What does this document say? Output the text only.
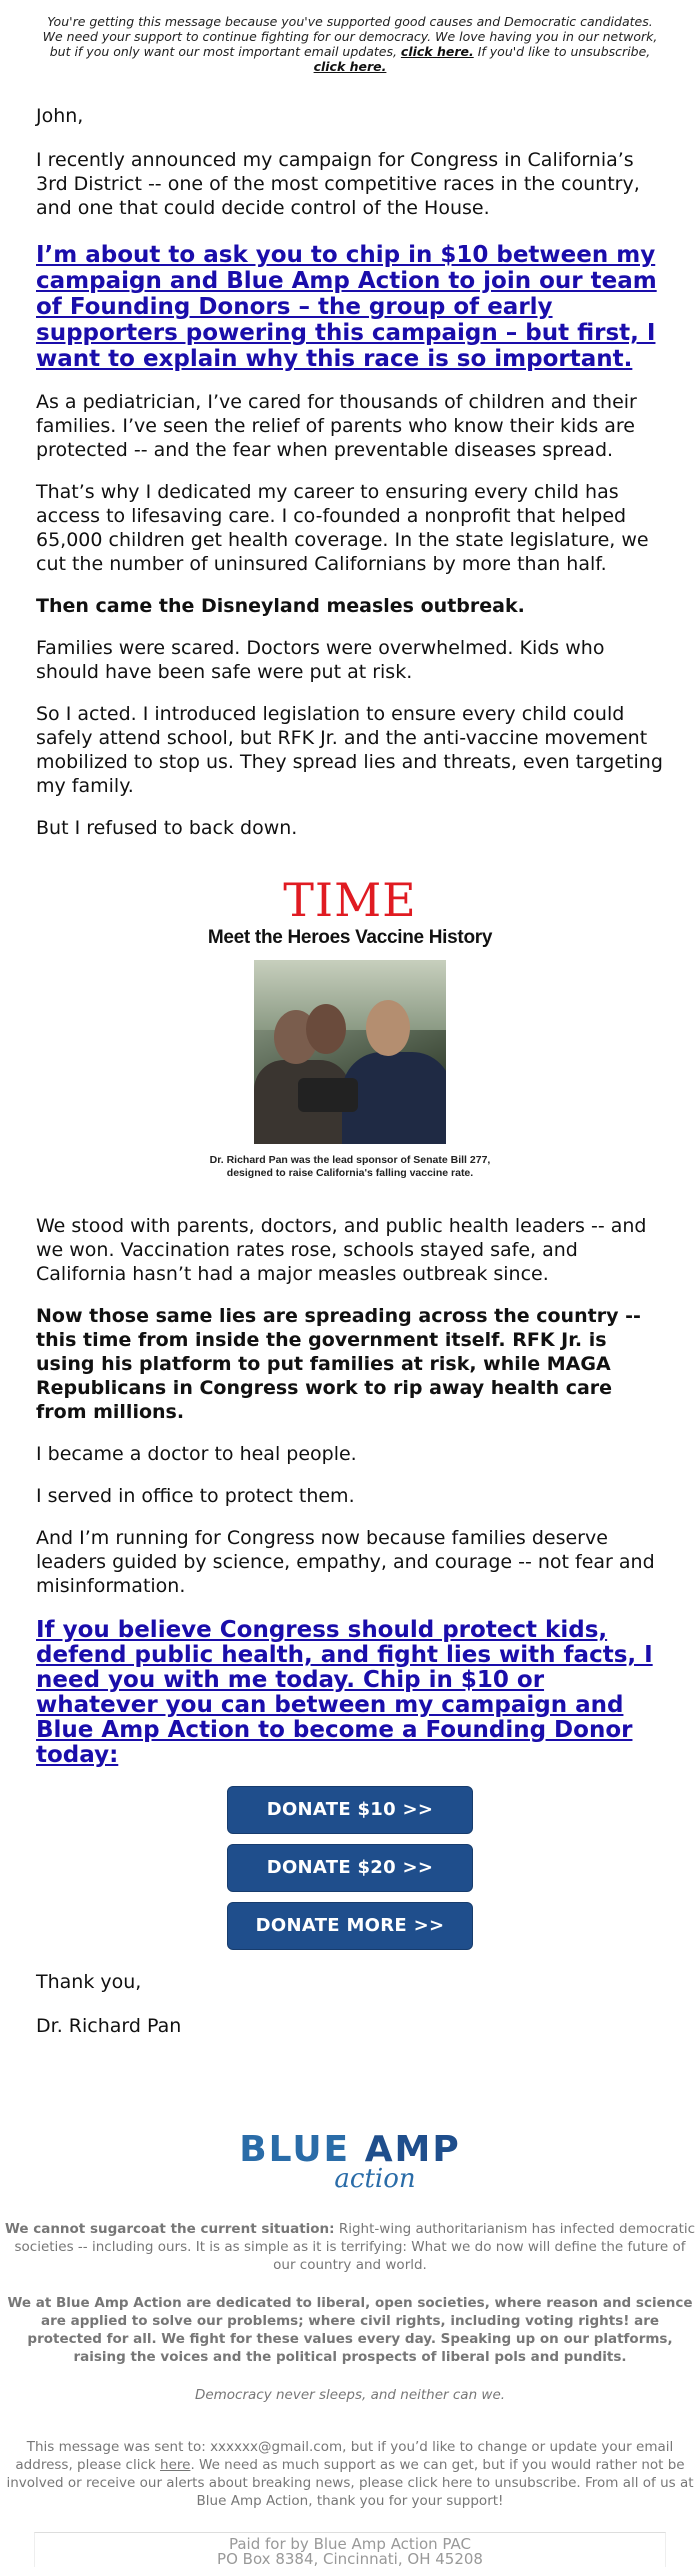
You're getting this message because you've supported good causes and Democratic candidates. We need your support to continue fighting for our democracy. We love having you in our network, but if you only want our most important email updates, click here. If you'd like to unsubscribe, click here.

John,

I recently announced my campaign for Congress in California’s 3rd District -- one of the most competitive races in the country, and one that could decide control of the House.

I’m about to ask you to chip in $10 between my campaign and Blue Amp Action to join our team of Founding Donors – the group of early supporters powering this campaign – but first, I want to explain why this race is so important.

As a pediatrician, I’ve cared for thousands of children and their families. I’ve seen the relief of parents who know their kids are protected -- and the fear when preventable diseases spread.

That’s why I dedicated my career to ensuring every child has access to lifesaving care. I co-founded a nonprofit that helped 65,000 children get health coverage. In the state legislature, we cut the number of uninsured Californians by more than half.

Then came the Disneyland measles outbreak.

Families were scared. Doctors were overwhelmed. Kids who should have been safe were put at risk.

So I acted. I introduced legislation to ensure every child could safely attend school, but RFK Jr. and the anti-vaccine movement mobilized to stop us. They spread lies and threats, even targeting my family.

But I refused to back down.

TIME
Meet the Heroes Vaccine History
Dr. Richard Pan was the lead sponsor of Senate Bill 277, designed to raise California's falling vaccine rate.

We stood with parents, doctors, and public health leaders -- and we won. Vaccination rates rose, schools stayed safe, and California hasn’t had a major measles outbreak since.

Now those same lies are spreading across the country -- this time from inside the government itself. RFK Jr. is using his platform to put families at risk, while MAGA Republicans in Congress work to rip away health care from millions.

I became a doctor to heal people.

I served in office to protect them.

And I’m running for Congress now because families deserve leaders guided by science, empathy, and courage -- not fear and misinformation.

If you believe Congress should protect kids, defend public health, and fight lies with facts, I need you with me today. Chip in $10 or whatever you can between my campaign and Blue Amp Action to become a Founding Donor today:

DONATE $10 >>
DONATE $20 >>
DONATE MORE >>

Thank you,

Dr. Richard Pan

BLUE AMP
action
We cannot sugarcoat the current situation: Right-wing authoritarianism has infected democratic societies -- including ours. It is as simple as it is terrifying: What we do now will define the future of our country and world.
We at Blue Amp Action are dedicated to liberal, open societies, where reason and science are applied to solve our problems; where civil rights, including voting rights! are protected for all. We fight for these values every day. Speaking up on our platforms, raising the voices and the political prospects of liberal pols and pundits.
Democracy never sleeps, and neither can we.
This message was sent to: xxxxxx@gmail.com, but if you’d like to change or update your email address, please click here. We need as much support as we can get, but if you would rather not be involved or receive our alerts about breaking news, please click here to unsubscribe. From all of us at Blue Amp Action, thank you for your support!
Paid for by Blue Amp Action PAC
PO Box 8384, Cincinnati, OH 45208
